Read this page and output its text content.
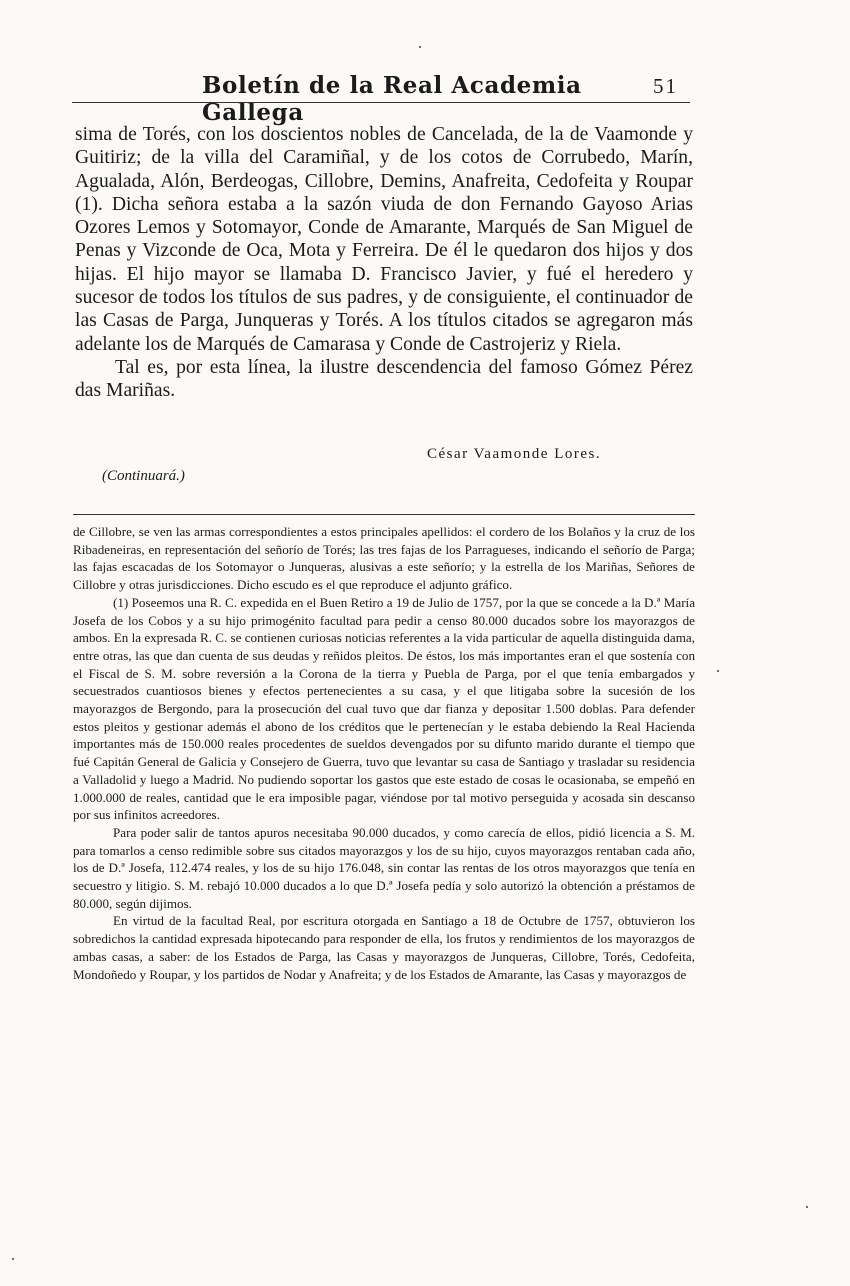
Boletín de la Real Academia Gallega
51

sima de Torés, con los doscientos nobles de Cancelada, de la de Vaamonde y Guitiriz; de la villa del Caramiñal, y de los cotos de Corrubedo, Marín, Agualada, Alón, Berdeogas, Cillobre, Demins, Anafreita, Cedofeita y Roupar (1). Dicha señora estaba a la sazón viuda de don Fernando Gayoso Arias Ozores Lemos y Sotomayor, Conde de Amarante, Marqués de San Miguel de Penas y Vizconde de Oca, Mota y Ferreira. De él le quedaron dos hijos y dos hijas. El hijo mayor se llamaba D. Francisco Javier, y fué el heredero y sucesor de todos los títulos de sus padres, y de consiguiente, el continuador de las Casas de Parga, Junqueras y Torés. A los títulos citados se agregaron más adelante los de Marqués de Camarasa y Conde de Castrojeriz y Riela.

Tal es, por esta línea, la ilustre descendencia del famoso Gómez Pérez das Mariñas.

César Vaamonde Lores.
(Continuará.)

de Cillobre, se ven las armas correspondientes a estos principales apellidos: el cordero de los Bolaños y la cruz de los Ribadeneiras, en representación del señorío de Torés; las tres fajas de los Parragueses, indicando el señorío de Parga; las fajas escacadas de los Sotomayor o Junqueras, alusivas a este señorío; y la estrella de los Mariñas, Señores de Cillobre y otras jurisdicciones. Dicho escudo es el que reproduce el adjunto gráfico.

(1) Poseemos una R. C. expedida en el Buen Retiro a 19 de Julio de 1757, por la que se concede a la D.ª María Josefa de los Cobos y a su hijo primogénito facultad para pedir a censo 80.000 ducados sobre los mayorazgos de ambos. En la expresada R. C. se contienen curiosas noticias referentes a la vida particular de aquella distinguida dama, entre otras, las que dan cuenta de sus deudas y reñidos pleitos. De éstos, los más importantes eran el que sostenía con el Fiscal de S. M. sobre reversión a la Corona de la tierra y Puebla de Parga, por el que tenía embargados y secuestrados cuantiosos bienes y efectos pertenecientes a su casa, y el que litigaba sobre la sucesión de los mayorazgos de Bergondo, para la prosecución del cual tuvo que dar fianza y depositar 1.500 doblas. Para defender estos pleitos y gestionar además el abono de los créditos que le pertenecían y le estaba debiendo la Real Hacienda importantes más de 150.000 reales procedentes de sueldos devengados por su difunto marido durante el tiempo que fué Capitán General de Galicia y Consejero de Guerra, tuvo que levantar su casa de Santiago y trasladar su residencia a Valladolid y luego a Madrid. No pudiendo soportar los gastos que este estado de cosas le ocasionaba, se empeñó en 1.000.000 de reales, cantidad que le era imposible pagar, viéndose por tal motivo perseguida y acosada sin descanso por sus infinitos acreedores.

Para poder salir de tantos apuros necesitaba 90.000 ducados, y como carecía de ellos, pidió licencia a S. M. para tomarlos a censo redimible sobre sus citados mayorazgos y los de su hijo, cuyos mayorazgos rentaban cada año, los de D.ª Josefa, 112.474 reales, y los de su hijo 176.048, sin contar las rentas de los otros mayorazgos que tenía en secuestro y litigio. S. M. rebajó 10.000 ducados a lo que D.ª Josefa pedía y solo autorizó la obtención a préstamos de 80.000, según dijimos.

En virtud de la facultad Real, por escritura otorgada en Santiago a 18 de Octubre de 1757, obtuvieron los sobredichos la cantidad expresada hipotecando para responder de ella, los frutos y rendimientos de los mayorazgos de ambas casas, a saber: de los Estados de Parga, las Casas y mayorazgos de Junqueras, Cillobre, Torés, Cedofeita, Mondoñedo y Roupar, y los partidos de Nodar y Anafreita; y de los Estados de Amarante, las Casas y mayorazgos de
